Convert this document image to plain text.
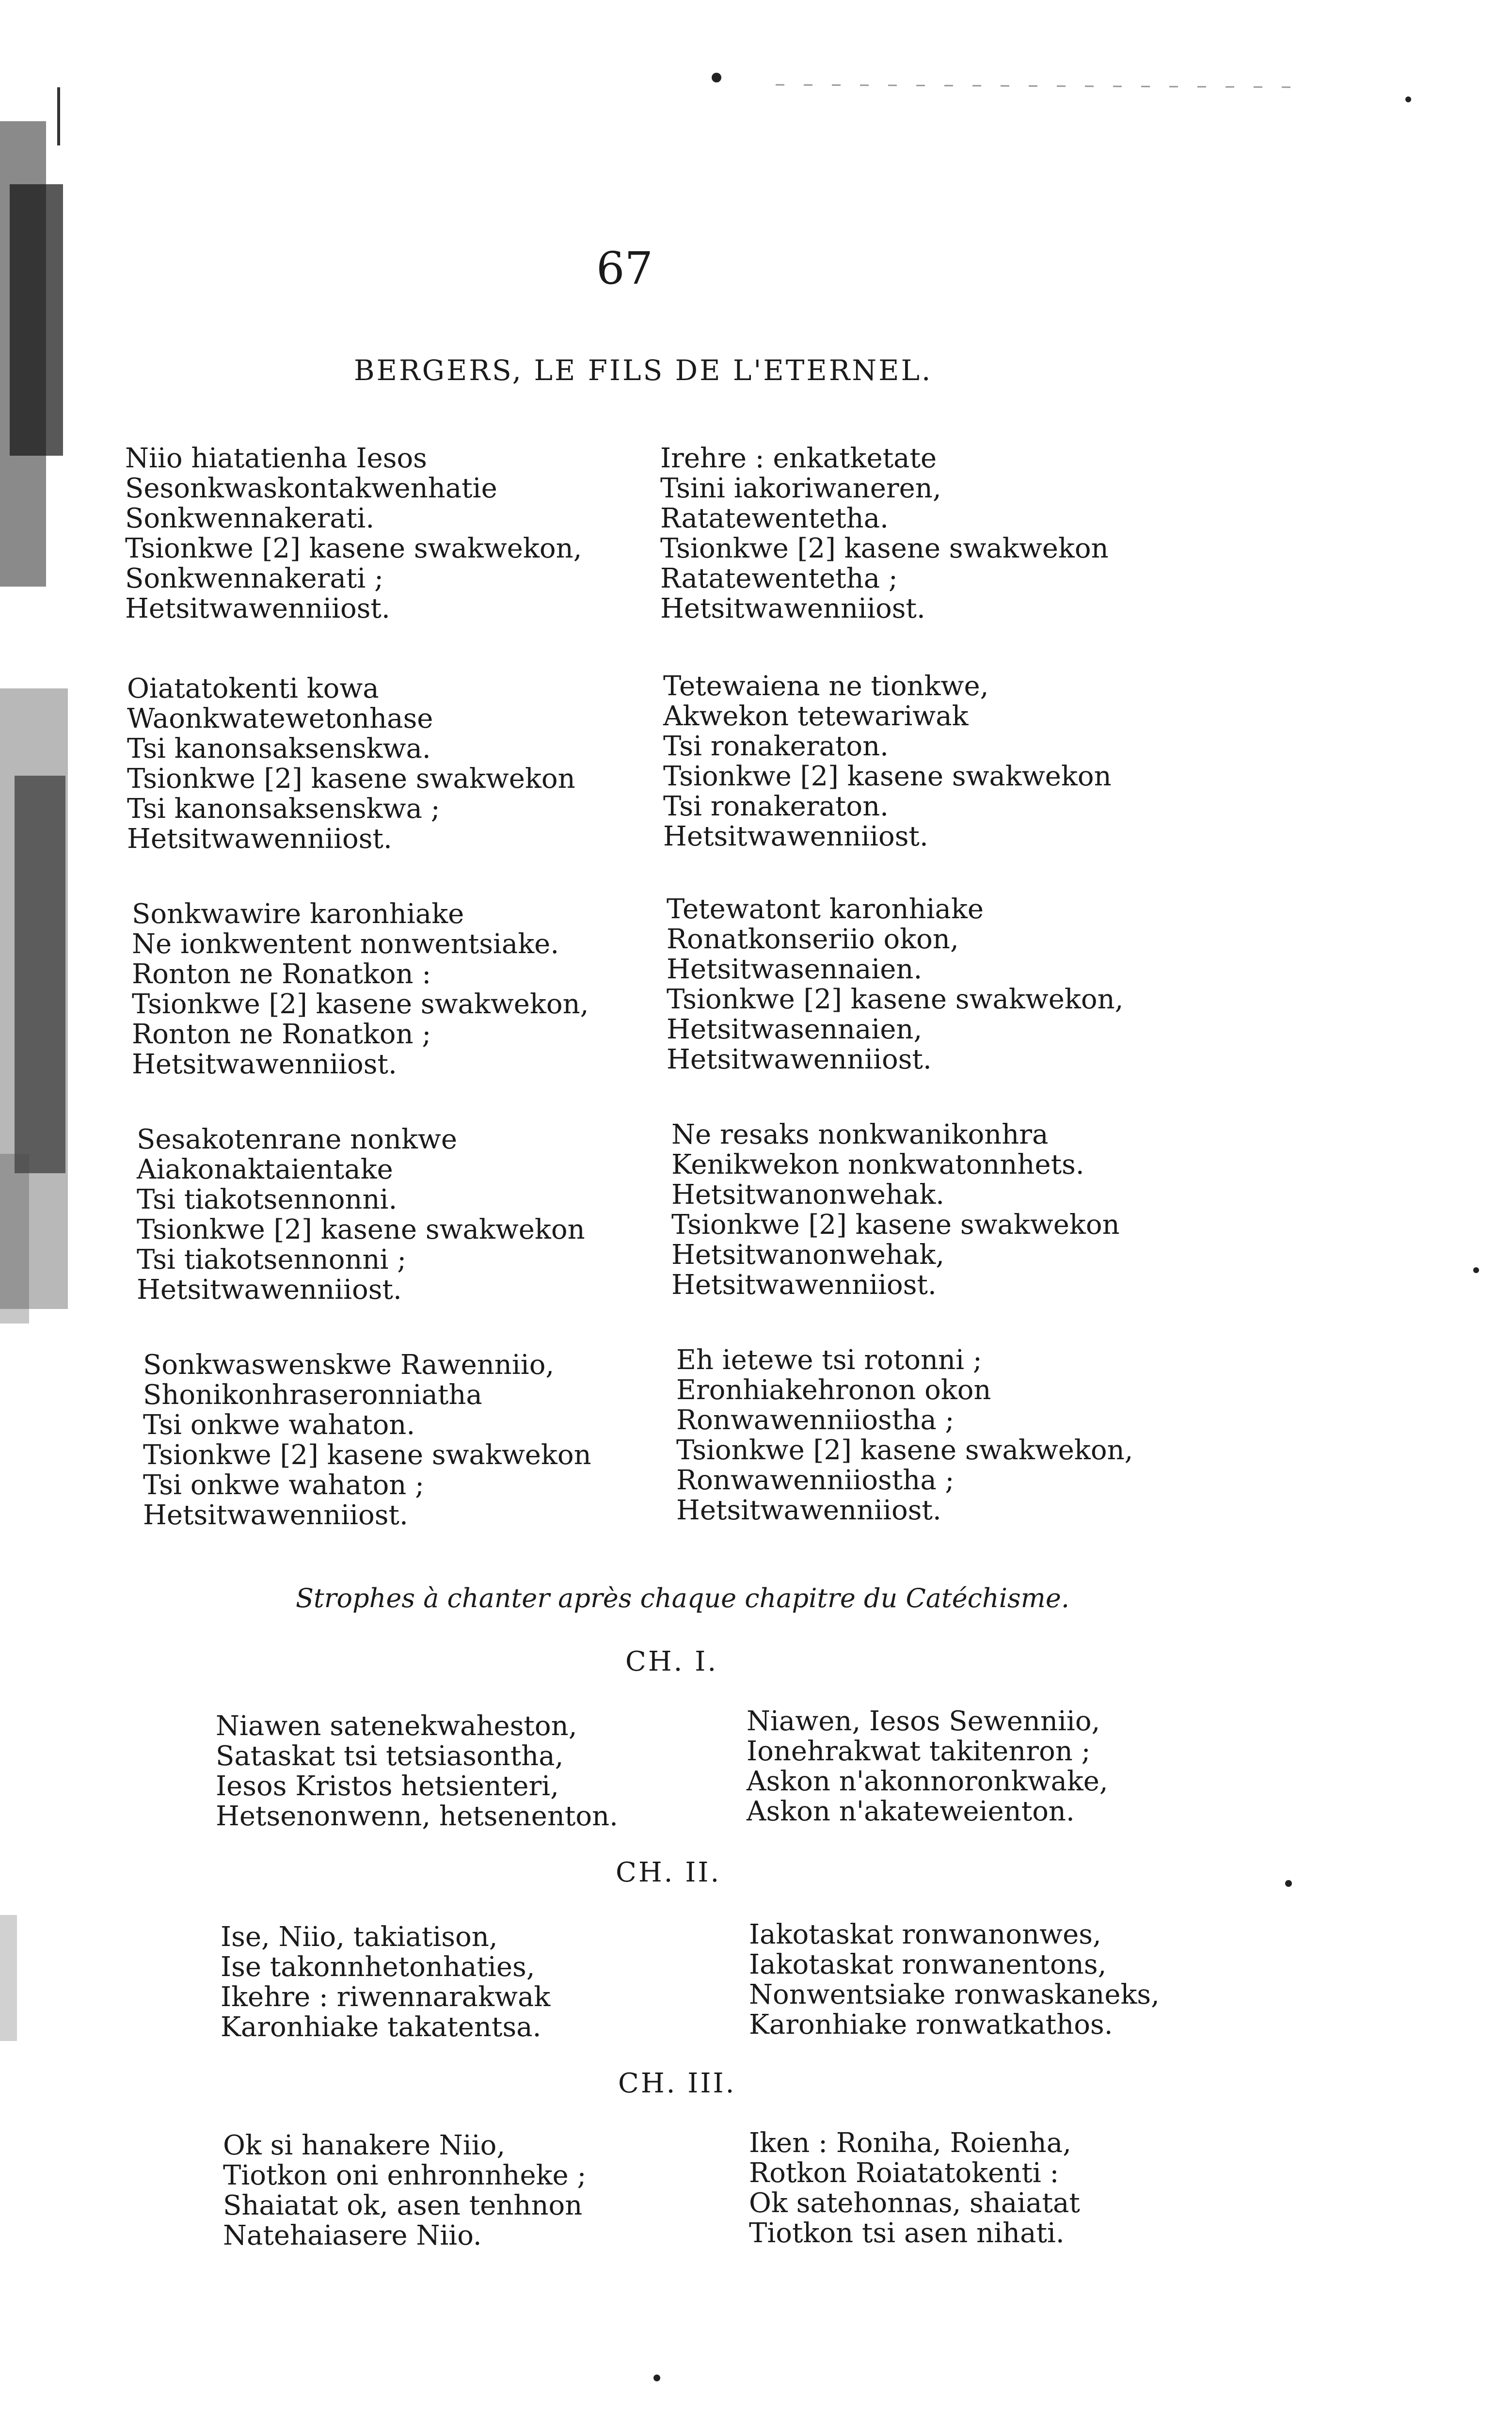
67
BERGERS, LE FILS DE L'ETERNEL.
Niio hiatatienha Iesos
Sesonkwaskontakwenhatie
Sonkwennakerati.
Tsionkwe [2] kasene swakwekon,
Sonkwennakerati ;
Hetsitwawenniiost.
Irehre : enkatketate
Tsini iakoriwaneren,
Ratatewentetha.
Tsionkwe [2] kasene swakwekon
Ratatewentetha ;
Hetsitwawenniiost.
Oiatatokenti kowa
Waonkwatewetonhase
Tsi kanonsaksenskwa.
Tsionkwe [2] kasene swakwekon
Tsi kanonsaksenskwa ;
Hetsitwawenniiost.
Tetewaiena ne tionkwe,
Akwekon tetewariwak
Tsi ronakeraton.
Tsionkwe [2] kasene swakwekon
Tsi ronakeraton.
Hetsitwawenniiost.
Sonkwawire karonhiake
Ne ionkwentent nonwentsiake.
Ronton ne Ronatkon :
Tsionkwe [2] kasene swakwekon,
Ronton ne Ronatkon ;
Hetsitwawenniiost.
Tetewatont karonhiake
Ronatkonseriio okon,
Hetsitwasennaien.
Tsionkwe [2] kasene swakwekon,
Hetsitwasennaien,
Hetsitwawenniiost.
Sesakotenrane nonkwe
Aiakonaktaientake
Tsi tiakotsennonni.
Tsionkwe [2] kasene swakwekon
Tsi tiakotsennonni ;
Hetsitwawenniiost.
Ne resaks nonkwanikonhra
Kenikwekon nonkwatonnhets.
Hetsitwanonwehak.
Tsionkwe [2] kasene swakwekon
Hetsitwanonwehak,
Hetsitwawenniiost.
Sonkwaswenskwe Rawenniio,
Shonikonhraseronniatha
Tsi onkwe wahaton.
Tsionkwe [2] kasene swakwekon
Tsi onkwe wahaton ;
Hetsitwawenniiost.
Eh ietewe tsi rotonni ;
Eronhiakehronon okon
Ronwawenniiostha ;
Tsionkwe [2] kasene swakwekon,
Ronwawenniiostha ;
Hetsitwawenniiost.
Strophes à chanter après chaque chapitre du Catéchisme.
CH. I.
Niawen satenekwaheston,
Sataskat tsi tetsiasontha,
Iesos Kristos hetsienteri,
Hetsenonwenn, hetsenenton.
Niawen, Iesos Sewenniio,
Ionehrakwat takitenron ;
Askon n'akonnoronkwake,
Askon n'akateweienton.
CH. II.
Ise, Niio, takiatison,
Ise takonnhetonhaties,
Ikehre : riwennarakwak
Karonhiake takatentsa.
Iakotaskat ronwanonwes,
Iakotaskat ronwanentons,
Nonwentsiake ronwaskaneks,
Karonhiake ronwatkathos.
CH. III.
Ok si hanakere Niio,
Tiotkon oni enhronnheke ;
Shaiatat ok, asen tenhnon
Natehaiasere Niio.
Iken : Roniha, Roienha,
Rotkon Roiatatokenti :
Ok satehonnas, shaiatat
Tiotkon tsi asen nihati.
